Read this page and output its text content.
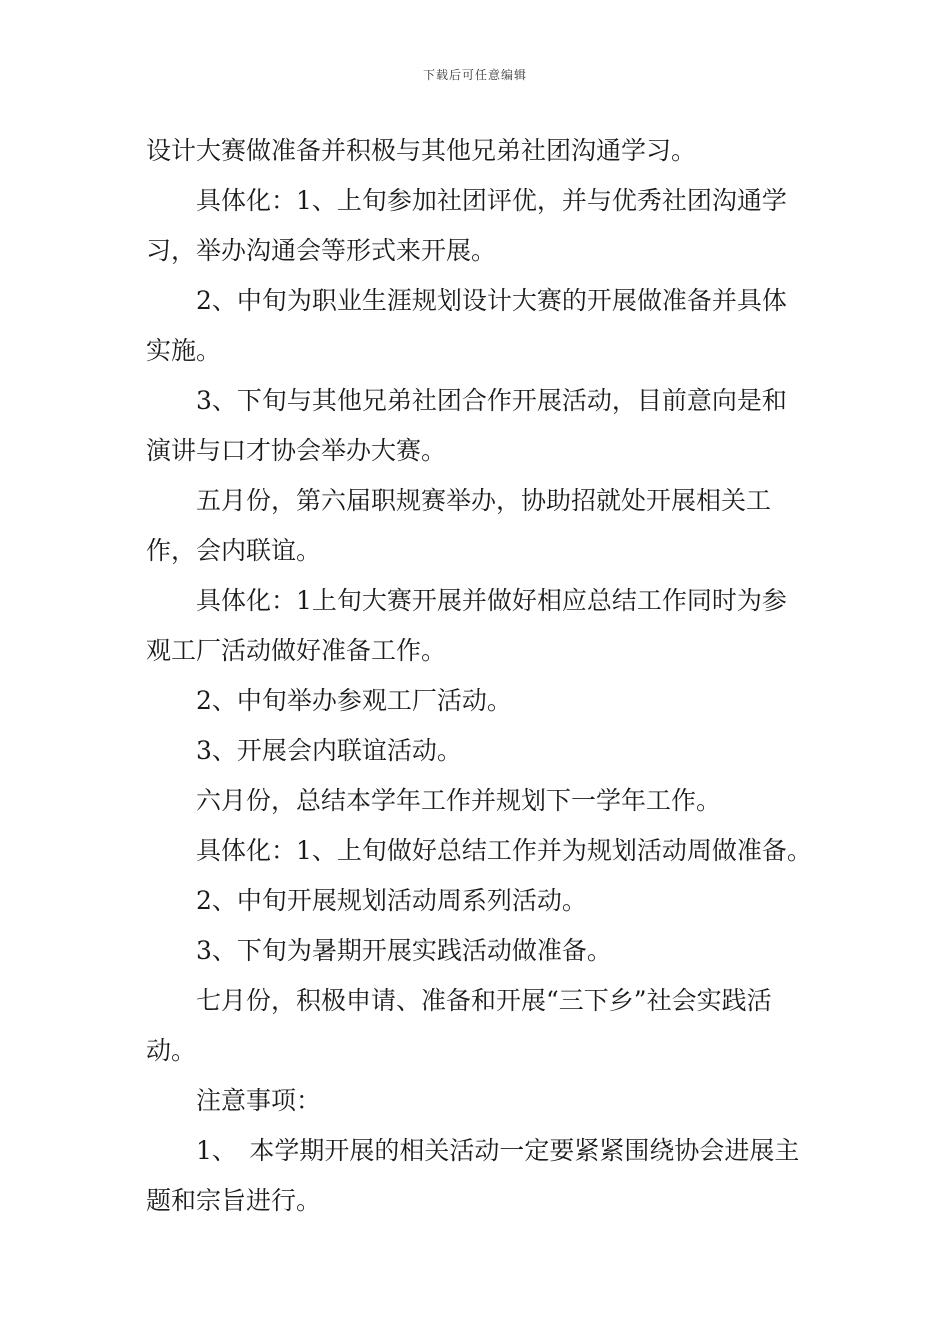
下载后可任意编辑

设计大赛做准备并积极与其他兄弟社团沟通学习。

具体化：1、上旬参加社团评优，并与优秀社团沟通学习，举办沟通会等形式来开展。

2、中旬为职业生涯规划设计大赛的开展做准备并具体实施。

3、下旬与其他兄弟社团合作开展活动，目前意向是和演讲与口才协会举办大赛。

五月份，第六届职规赛举办，协助招就处开展相关工作，会内联谊。

具体化：1上旬大赛开展并做好相应总结工作同时为参观工厂活动做好准备工作。

2、中旬举办参观工厂活动。

3、开展会内联谊活动。

六月份，总结本学年工作并规划下一学年工作。

具体化：1、上旬做好总结工作并为规划活动周做准备。

2、中旬开展规划活动周系列活动。

3、下旬为暑期开展实践活动做准备。

七月份，积极申请、准备和开展“三下乡”社会实践活动。

注意事项：

1、　本学期开展的相关活动一定要紧紧围绕协会进展主题和宗旨进行。
